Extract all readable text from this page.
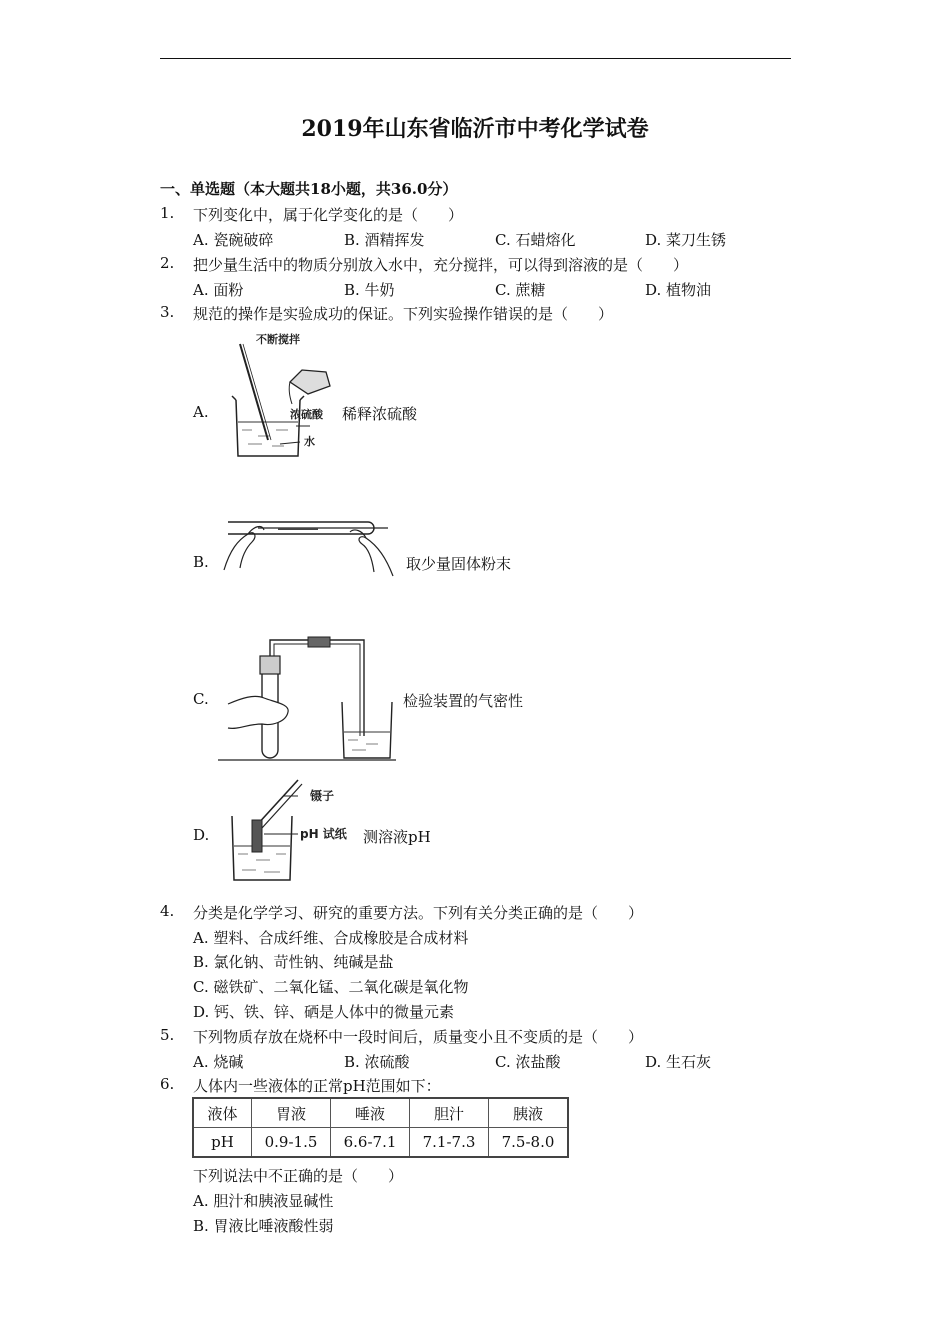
2019年山东省临沂市中考化学试卷
一、单选题（本大题共18小题，共36.0分）
1.	下列变化中，属于化学变化的是（　　）
A. 瓷碗破碎	B. 酒精挥发	C. 石蜡熔化	D. 菜刀生锈
2.	把少量生活中的物质分别放入水中，充分搅拌，可以得到溶液的是（　　）
A. 面粉	B. 牛奶	C. 蔗糖	D. 植物油
3.	规范的操作是实验成功的保证。下列实验操作错误的是（　　）
A.
不断搅拌
浓硫酸
水
稀释浓硫酸
B.	取少量固体粉末
C.	检验装置的气密性
D.
镊子
pH 试纸 测溶液pH
4.	分类是化学学习、研究的重要方法。下列有关分类正确的是（　　）
A. 塑料、合成纤维、合成橡胶是合成材料
B. 氯化钠、苛性钠、纯碱是盐
C. 磁铁矿、二氧化锰、二氧化碳是氧化物
D. 钙、铁、锌、硒是人体中的微量元素
5.	下列物质存放在烧杯中一段时间后，质量变小且不变质的是（　　）
A. 烧碱	B. 浓硫酸	C. 浓盐酸	D. 生石灰
6.	人体内一些液体的正常pH范围如下：
液体	胃液	唾液	胆汁	胰液
pH	0.9-1.5	6.6-7.1	7.1-7.3	7.5-8.0
下列说法中不正确的是（　　）
A. 胆汁和胰液显碱性
B. 胃液比唾液酸性弱
